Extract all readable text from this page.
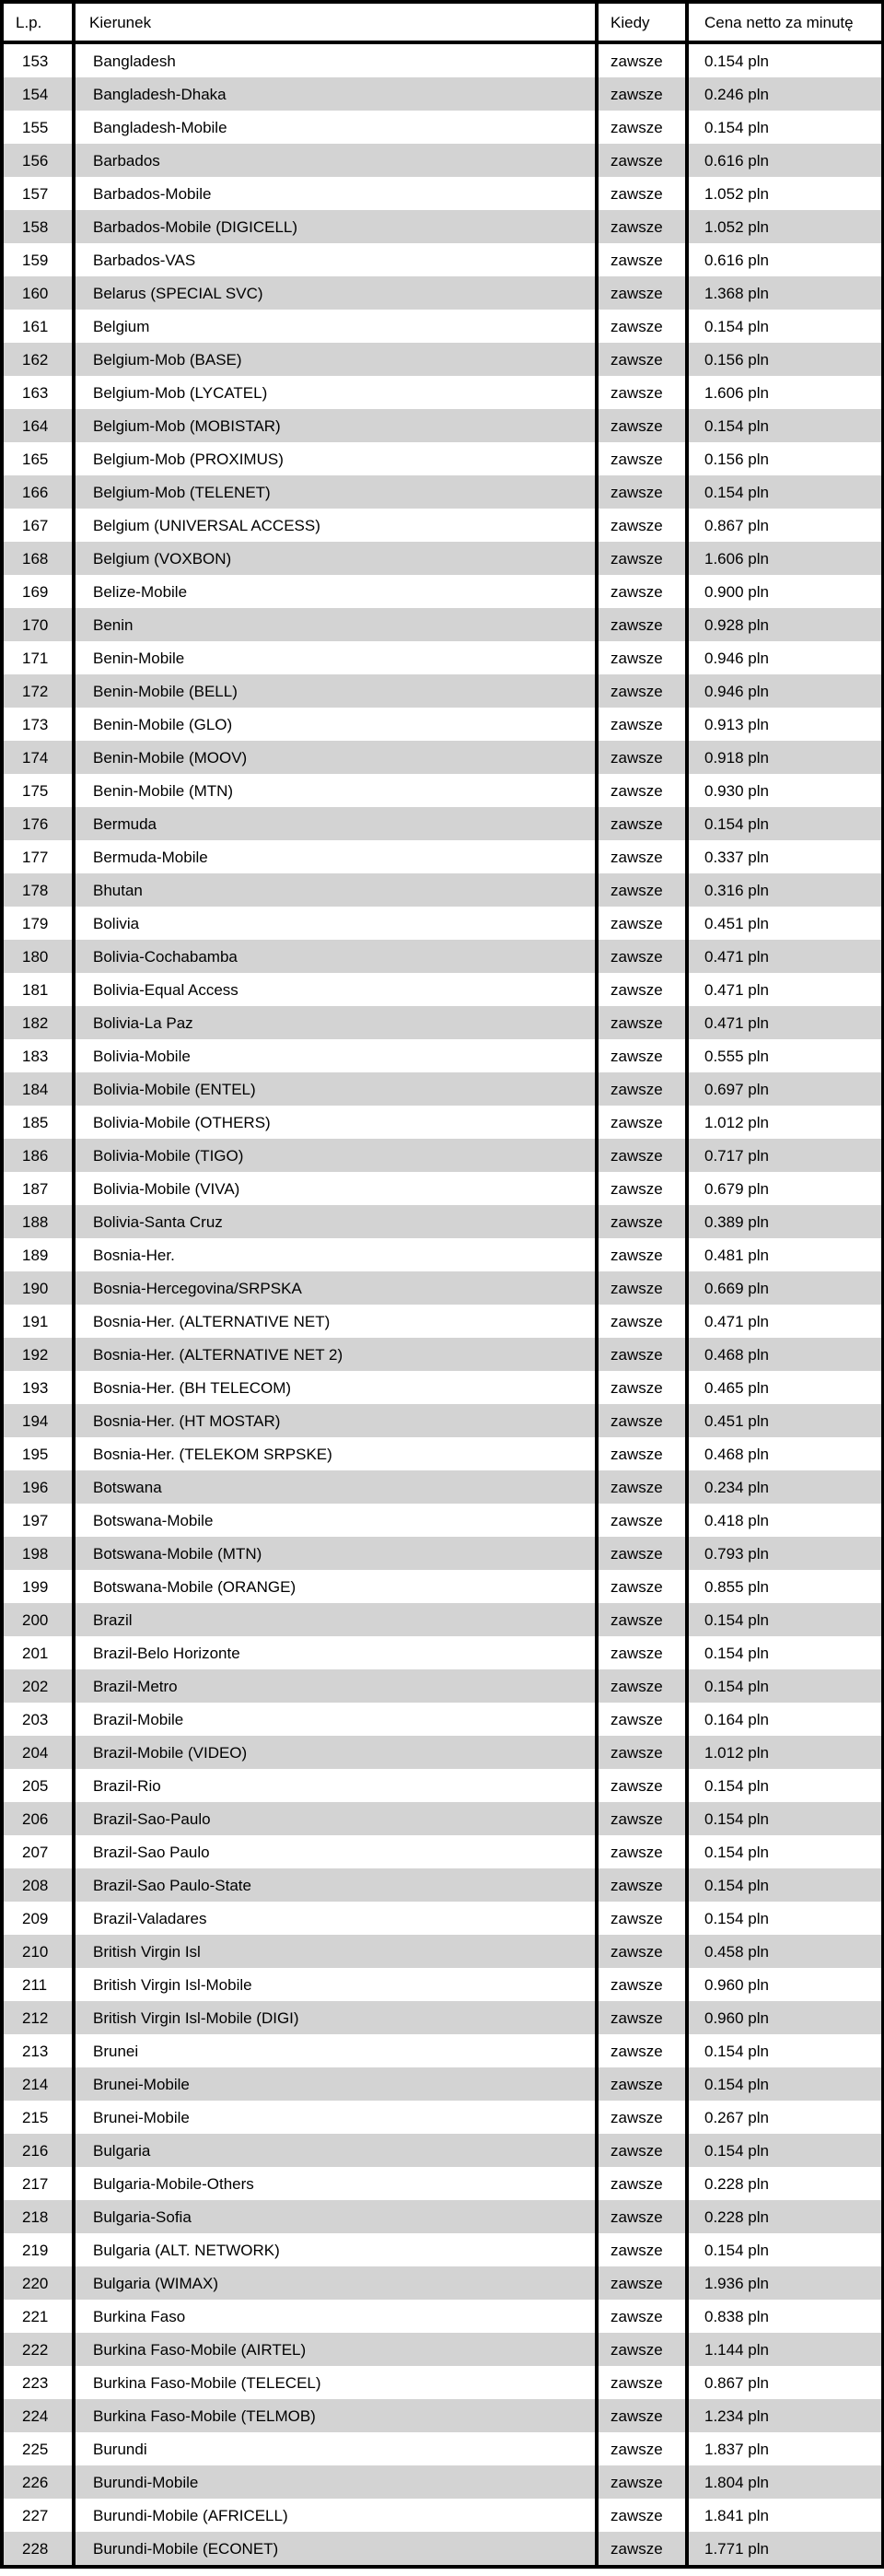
L.p.	Kierunek	Kiedy	Cena netto za minutę
153	Bangladesh	zawsze	0.154 pln
154	Bangladesh-Dhaka	zawsze	0.246 pln
155	Bangladesh-Mobile	zawsze	0.154 pln
156	Barbados	zawsze	0.616 pln
157	Barbados-Mobile	zawsze	1.052 pln
158	Barbados-Mobile (DIGICELL)	zawsze	1.052 pln
159	Barbados-VAS	zawsze	0.616 pln
160	Belarus (SPECIAL SVC)	zawsze	1.368 pln
161	Belgium	zawsze	0.154 pln
162	Belgium-Mob (BASE)	zawsze	0.156 pln
163	Belgium-Mob (LYCATEL)	zawsze	1.606 pln
164	Belgium-Mob (MOBISTAR)	zawsze	0.154 pln
165	Belgium-Mob (PROXIMUS)	zawsze	0.156 pln
166	Belgium-Mob (TELENET)	zawsze	0.154 pln
167	Belgium (UNIVERSAL ACCESS)	zawsze	0.867 pln
168	Belgium (VOXBON)	zawsze	1.606 pln
169	Belize-Mobile	zawsze	0.900 pln
170	Benin	zawsze	0.928 pln
171	Benin-Mobile	zawsze	0.946 pln
172	Benin-Mobile (BELL)	zawsze	0.946 pln
173	Benin-Mobile (GLO)	zawsze	0.913 pln
174	Benin-Mobile (MOOV)	zawsze	0.918 pln
175	Benin-Mobile (MTN)	zawsze	0.930 pln
176	Bermuda	zawsze	0.154 pln
177	Bermuda-Mobile	zawsze	0.337 pln
178	Bhutan	zawsze	0.316 pln
179	Bolivia	zawsze	0.451 pln
180	Bolivia-Cochabamba	zawsze	0.471 pln
181	Bolivia-Equal Access	zawsze	0.471 pln
182	Bolivia-La Paz	zawsze	0.471 pln
183	Bolivia-Mobile	zawsze	0.555 pln
184	Bolivia-Mobile (ENTEL)	zawsze	0.697 pln
185	Bolivia-Mobile (OTHERS)	zawsze	1.012 pln
186	Bolivia-Mobile (TIGO)	zawsze	0.717 pln
187	Bolivia-Mobile (VIVA)	zawsze	0.679 pln
188	Bolivia-Santa Cruz	zawsze	0.389 pln
189	Bosnia-Her.	zawsze	0.481 pln
190	Bosnia-Hercegovina/SRPSKA	zawsze	0.669 pln
191	Bosnia-Her. (ALTERNATIVE NET)	zawsze	0.471 pln
192	Bosnia-Her. (ALTERNATIVE NET 2)	zawsze	0.468 pln
193	Bosnia-Her. (BH TELECOM)	zawsze	0.465 pln
194	Bosnia-Her. (HT MOSTAR)	zawsze	0.451 pln
195	Bosnia-Her. (TELEKOM SRPSKE)	zawsze	0.468 pln
196	Botswana	zawsze	0.234 pln
197	Botswana-Mobile	zawsze	0.418 pln
198	Botswana-Mobile (MTN)	zawsze	0.793 pln
199	Botswana-Mobile (ORANGE)	zawsze	0.855 pln
200	Brazil	zawsze	0.154 pln
201	Brazil-Belo Horizonte	zawsze	0.154 pln
202	Brazil-Metro	zawsze	0.154 pln
203	Brazil-Mobile	zawsze	0.164 pln
204	Brazil-Mobile (VIDEO)	zawsze	1.012 pln
205	Brazil-Rio	zawsze	0.154 pln
206	Brazil-Sao-Paulo	zawsze	0.154 pln
207	Brazil-Sao Paulo	zawsze	0.154 pln
208	Brazil-Sao Paulo-State	zawsze	0.154 pln
209	Brazil-Valadares	zawsze	0.154 pln
210	British Virgin Isl	zawsze	0.458 pln
211	British Virgin Isl-Mobile	zawsze	0.960 pln
212	British Virgin Isl-Mobile (DIGI)	zawsze	0.960 pln
213	Brunei	zawsze	0.154 pln
214	Brunei-Mobile	zawsze	0.154 pln
215	Brunei-Mobile	zawsze	0.267 pln
216	Bulgaria	zawsze	0.154 pln
217	Bulgaria-Mobile-Others	zawsze	0.228 pln
218	Bulgaria-Sofia	zawsze	0.228 pln
219	Bulgaria (ALT. NETWORK)	zawsze	0.154 pln
220	Bulgaria (WIMAX)	zawsze	1.936 pln
221	Burkina Faso	zawsze	0.838 pln
222	Burkina Faso-Mobile (AIRTEL)	zawsze	1.144 pln
223	Burkina Faso-Mobile (TELECEL)	zawsze	0.867 pln
224	Burkina Faso-Mobile (TELMOB)	zawsze	1.234 pln
225	Burundi	zawsze	1.837 pln
226	Burundi-Mobile	zawsze	1.804 pln
227	Burundi-Mobile (AFRICELL)	zawsze	1.841 pln
228	Burundi-Mobile (ECONET)	zawsze	1.771 pln
